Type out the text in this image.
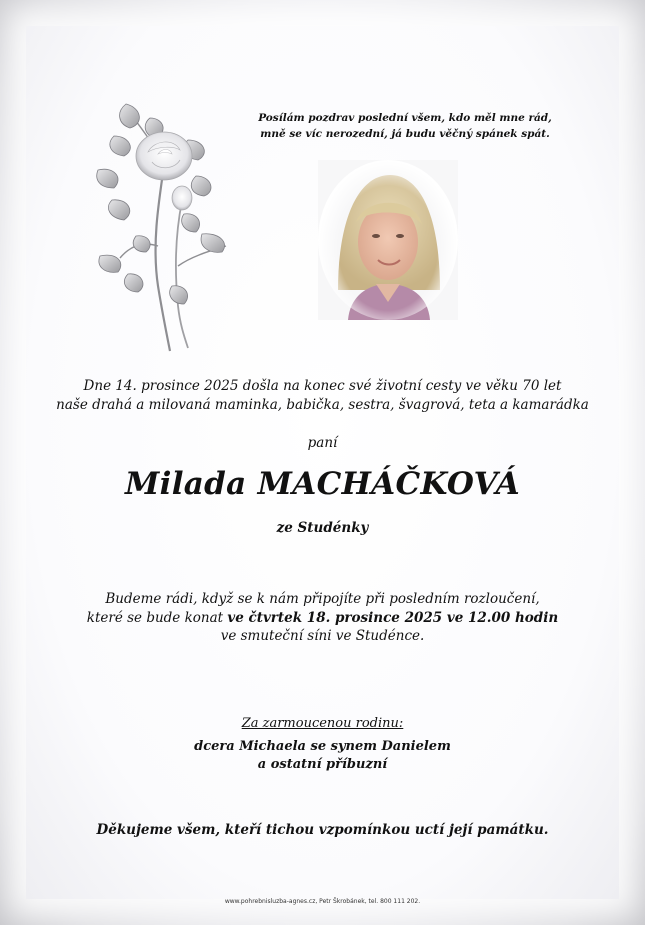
Posílám pozdrav poslední všem, kdo měl mne rád,
mně se víc nerozední, já budu věčný spánek spát.
Dne 14. prosince 2025 došla na konec své životní cesty ve věku 70 let
naše drahá a milovaná maminka, babička, sestra, švagrová, teta a kamarádka
paní
Milada MACHÁČKOVÁ
ze Studénky
Budeme rádi, když se k nám připojíte při posledním rozloučení,
které se bude konat ve čtvrtek 18. prosince 2025 ve 12.00 hodin
ve smuteční síni ve Studénce.
Za zarmoucenou rodinu:
dcera Michaela se synem Danielem
a ostatní příbuzní
Děkujeme všem, kteří tichou vzpomínkou uctí její památku.
www.pohrebnisluzba-agnes.cz, Petr Škrobánek, tel. 800 111 202.
